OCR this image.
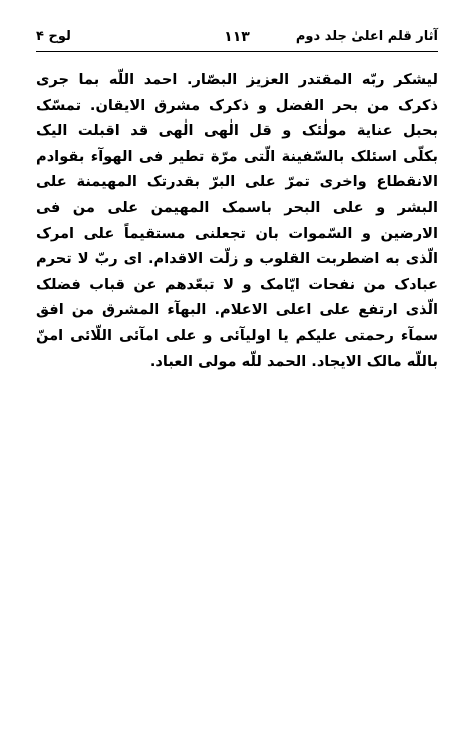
آثار قلم اعلیٰ جلد دوم
۱۱۳
لوح ۴
لیشکر ربّه المقتدر العزیز البصّار. احمد اللّه بما جری
ذکرک من بحر الفضل و ذکرک مشرق الایقان. تمسّک
بحبل عنایة مولٰئک و قل الٰهی الٰهی قد اقبلت الیک
بکلّی اسئلک بالسّفینة الّتی مرّة تطیر فی الهوآء بقوادم
الانقطاع واخری تمرّ علی البرّ بقدرتک المهیمنة علی
البشر و علی البحر باسمک المهیمن علی من فی
الارضین و السّموات بان تجعلنی مستقیماً علی امرک
الّذی به اضطربت القلوب و زلّت الاقدام. ای ربّ لا تحرم
عبادک من نفحات ایّامک و لا تبعّدهم عن قباب فضلک
الّذی ارتفع علی اعلی الاعلام. البهآء المشرق من افق
سمآء رحمتی علیکم یا اولیآئی و علی امآئی اللّائی امنّ
باللّه مالک الایجاد. الحمد للّه مولی العباد.
